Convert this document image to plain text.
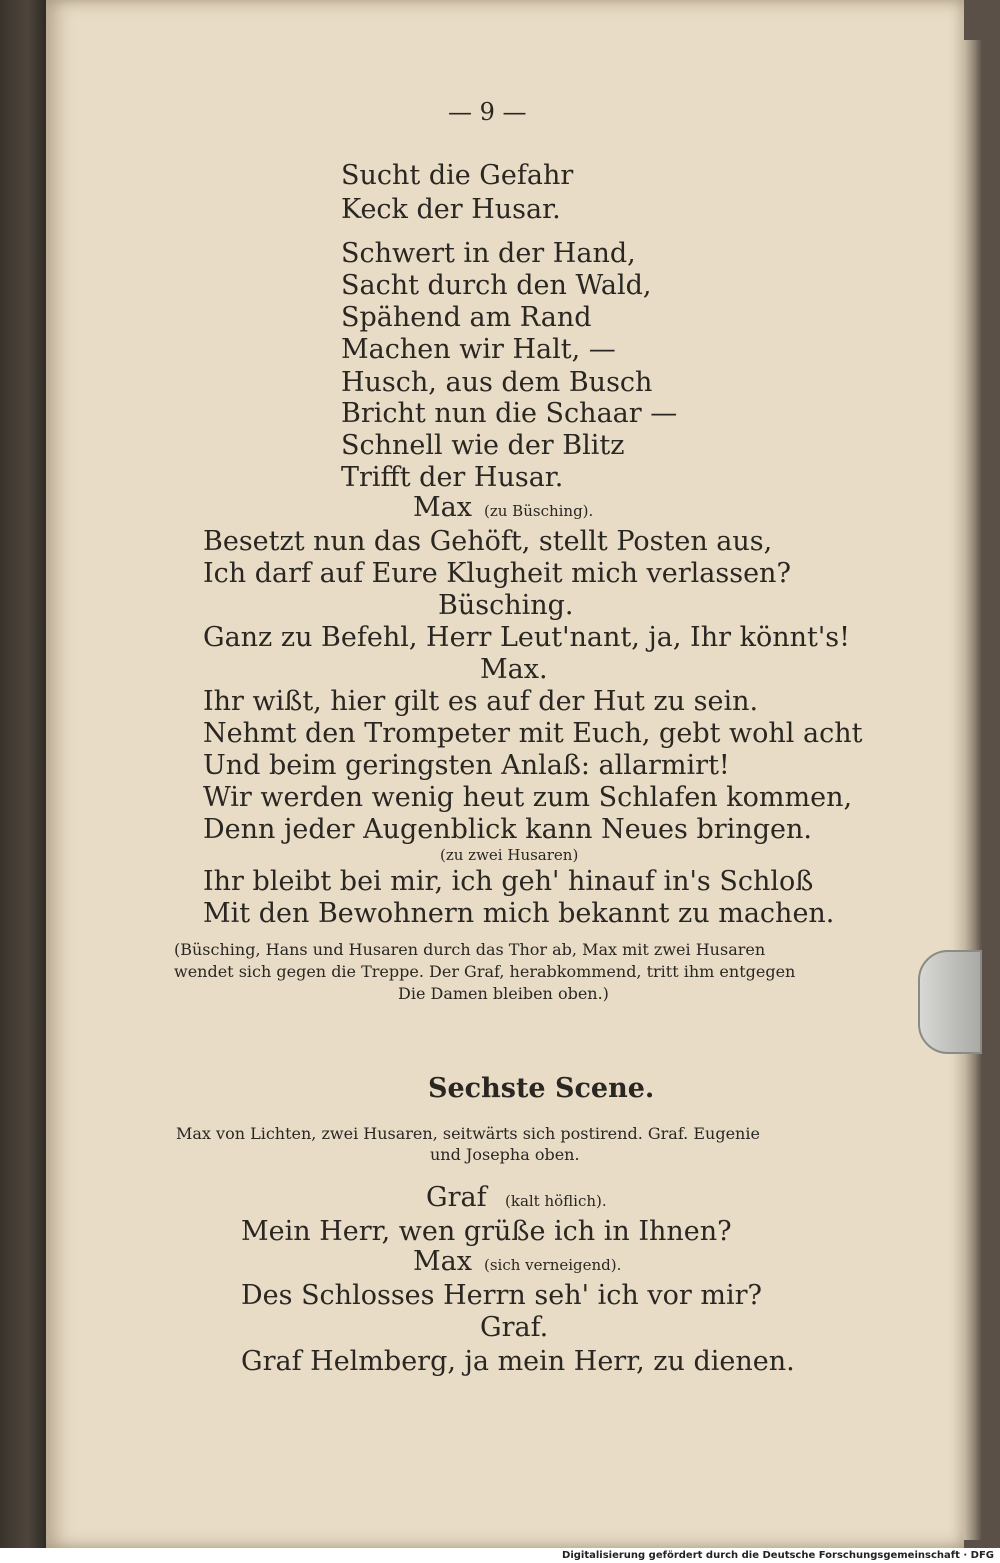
— 9 —
Sucht die Gefahr
Keck der Husar.
Schwert in der Hand,
Sacht durch den Wald,
Spähend am Rand
Machen wir Halt, —
Husch, aus dem Busch
Bricht nun die Schaar —
Schnell wie der Blitz
Trifft der Husar.
Max (zu Büsching).
Besetzt nun das Gehöft, stellt Posten aus,
Ich darf auf Eure Klugheit mich verlassen?
Büsching.
Ganz zu Befehl, Herr Leut'nant, ja, Ihr könnt's!
Max.
Ihr wißt, hier gilt es auf der Hut zu sein.
Nehmt den Trompeter mit Euch, gebt wohl acht
Und beim geringsten Anlaß: allarmirt!
Wir werden wenig heut zum Schlafen kommen,
Denn jeder Augenblick kann Neues bringen.
(zu zwei Husaren)
Ihr bleibt bei mir, ich geh' hinauf in's Schloß
Mit den Bewohnern mich bekannt zu machen.
(Büsching, Hans und Husaren durch das Thor ab, Max mit zwei Husaren
wendet sich gegen die Treppe. Der Graf, herabkommend, tritt ihm entgegen
Die Damen bleiben oben.)
Sechste Scene.
Max von Lichten, zwei Husaren, seitwärts sich postirend. Graf. Eugenie
und Josepha oben.
Graf (kalt höflich).
Mein Herr, wen grüße ich in Ihnen?
Max (sich verneigend).
Des Schlosses Herrn seh' ich vor mir?
Graf.
Graf Helmberg, ja mein Herr, zu dienen.
Digitalisierung gefördert durch die Deutsche Forschungsgemeinschaft · DFG
